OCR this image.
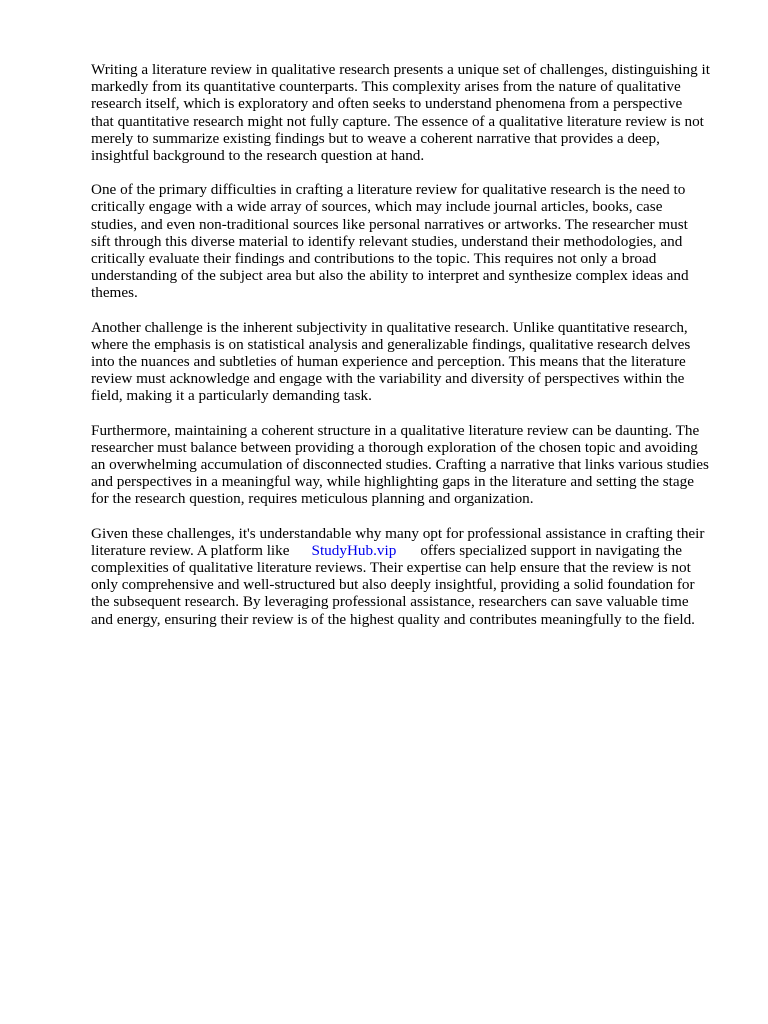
Writing a literature review in qualitative research presents a unique set of challenges, distinguishing it
markedly from its quantitative counterparts. This complexity arises from the nature of qualitative
research itself, which is exploratory and often seeks to understand phenomena from a perspective
that quantitative research might not fully capture. The essence of a qualitative literature review is not
merely to summarize existing findings but to weave a coherent narrative that provides a deep,
insightful background to the research question at hand.

One of the primary difficulties in crafting a literature review for qualitative research is the need to
critically engage with a wide array of sources, which may include journal articles, books, case
studies, and even non-traditional sources like personal narratives or artworks. The researcher must
sift through this diverse material to identify relevant studies, understand their methodologies, and
critically evaluate their findings and contributions to the topic. This requires not only a broad
understanding of the subject area but also the ability to interpret and synthesize complex ideas and
themes.

Another challenge is the inherent subjectivity in qualitative research. Unlike quantitative research,
where the emphasis is on statistical analysis and generalizable findings, qualitative research delves
into the nuances and subtleties of human experience and perception. This means that the literature
review must acknowledge and engage with the variability and diversity of perspectives within the
field, making it a particularly demanding task.

Furthermore, maintaining a coherent structure in a qualitative literature review can be daunting. The
researcher must balance between providing a thorough exploration of the chosen topic and avoiding
an overwhelming accumulation of disconnected studies. Crafting a narrative that links various studies
and perspectives in a meaningful way, while highlighting gaps in the literature and setting the stage
for the research question, requires meticulous planning and organization.

Given these challenges, it's understandable why many opt for professional assistance in crafting their
literature review. A platform like StudyHub.vip offers specialized support in navigating the
complexities of qualitative literature reviews. Their expertise can help ensure that the review is not
only comprehensive and well-structured but also deeply insightful, providing a solid foundation for
the subsequent research. By leveraging professional assistance, researchers can save valuable time
and energy, ensuring their review is of the highest quality and contributes meaningfully to the field.
